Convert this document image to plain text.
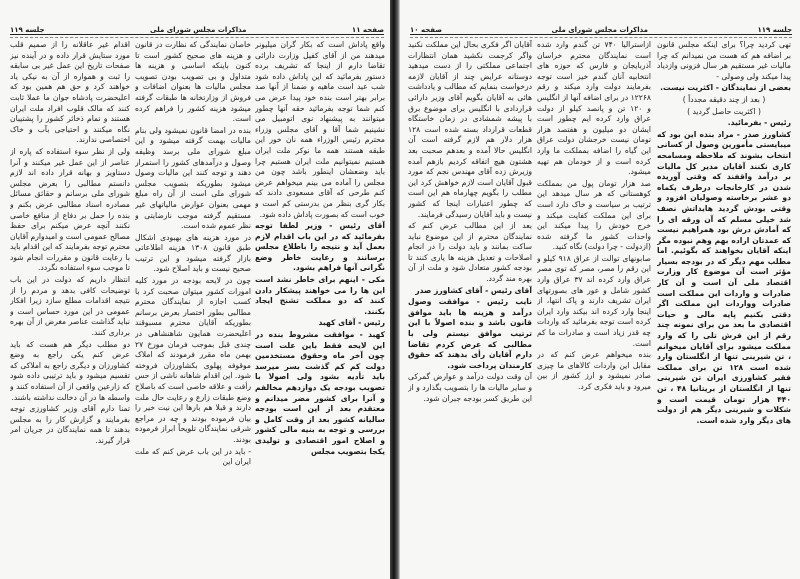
جلسه ۱۱۹	مذاکرات مجلس شورای ملی	صفحه ۱۱

اقدام غیر عاقلانه را از صمیم قلب مورد ستایش قرار داده و در آینده نیز صفحات تاریخ این عمل غیر بی سابقه را ثبت و همواره از آن به نیکی یاد خواهند کرد و حق هم همین بود که اعلیحضرت پادشاه جوان ما عملا ثابت کنند که مالک قلوب افراد ملت ایران هستند و تمام ذخائر کشور را پشتیبان نگاه میکنند و احتیاجی بآب و خاک اختصاصی ندارند.

ولی از نظر سوء استفاده که پاره از عناصر از این عمل غیر میکنند و آنرا دستاویز و بهانه قرار داده اند لازم دانستم مطالبی را بعرض مجلس شورای ملی برسانم و حقائق مسائل مصادره اسناد مطالبی عرض بکنم و بنده را حمل بر دفاع از منافع خاصی نکنند آنچه عرض میکنم برای حفظ مصالح عمومی است و امیدوارم آقایان محترم توجه بفرمایند که این اقدام باید با رعایت قانون و مقررات انجام شود تا موجب سوء استفاده نگردد.

انتظار داریم که دولت در این باب توضیحات کافی بدهد و مردم را از نتیجه اقدامات مطلع سازد زیرا افکار عمومی در این مورد حساس است و نباید گذاشت عناصر مغرض از آن بهره برداری کنند.

دو مطلب دیگر هم هست که باید عرض کنم یکی راجع به وضع کشاورزان و دیگری راجع به املاکی که تقسیم میشود و باید ترتیبی داده شود که زارعین واقعی از آن استفاده کنند و واسطه ها در آن دخالت نداشته باشند.

تمنا دارم آقای وزیر کشاورزی توجه بفرمایند و گزارش کار را به مجلس بدهند تا همه نمایندگان در جریان امر قرار گیرند.

خاصان نمایندگی که نظارت در قانون و هزینه های صحیح کشور است تا کنون باینکه اساسی و هزینه ها متداول و بی تصویب بودن تصویب مجلس مالیات ها بعنوان اضافات و فروش از وزارتخانه ها طبقات گرفته میشود هزینه کشور را فراهم کرده است.

بنده در امضا قانون نمیشود ولی بنام مالیات بهمت گرفته میشود و این مبلغ شورای ملی برسد وظیفه وصول و درآمدهای کشور را استمرار دهند و توجه کنند این مالیات وصول میشود بطوریکه بتصویب مجلس شورای ملی است از آن راه مبلغ مهمی بعنوان عوارض مالیاتهای غیر مستقیم گرفته موجب نارضایتی و نظر عموم شده است.

در مورد هزینه های بهبودی اشکال طبق قانون ۱۳۰۸ هزینه اطلاعاتی بازار گرفته میشود و این ترتیب صحیح نیست و باید اصلاح شود.

چون در لایحه بودجه در مورد کلیه امورات کشور میتوان صحبت کرد با کسب اجازه از نمایندگان محترم مطالبی بطور اختصار بعرض برسانم بطوریکه آقایان محترم مسبوقند اعلیحضرت همایون شاهنشاهی در چندی قبل بموجب فرمان مورخ ۲۷ بهمن ماه مقرر فرمودند که املاک موقوفه پهلوی بکشاورزان فروخته شود. این اقدام شاهانه ناشی از حس رأفت و علاقه خاصی است که باصلاح وضع طبقات زارع و رعایت حال ملت دارند و قبلا هم بارها این نیت خیر را بیان فرموده بودند و چه در مراجع شرقی نمایندگان تلویحاً ابراز فرموده بودند.

- باید در این باب عرض کنم که ملت ایران این

واقع پاداش است که بکار گران میلیونر میدهند من از آقای کفیل وزارت دارائی تقاضا دارم از اینجا که تشریف برده دستور بفرمائید که این پاداش داده شود شب عید است ماهیه و ضمنا از آنها صد برابر بهتر است بنده خود پیدا عرض می کنم شما توجه بفرمائید حقه آنها چطور میتوانند به پیشنهاد نوی اتومبیل می نشینیم شما آقا و آقای مجلس وزراء محترم رئیس الوزراء همه نان خور این طبقه هستند همه ما نوکر ملت ایران هستیم نمیتوانیم ملت ایران هستیم چرا باید وضعشان اینطور باشد چون من مجلس را آماده می بینم میخواهم عرض کنم طرحی که آقای مسعودی دادند که بکار گری بنظر من بدرستی کم است و خوب است که بصورت پاداش داده شود.

آقای رئیس - وزیر لطفا توجه بفرمائید که در این باب اقدام لازم بعمل آید و نتیجه را باطلاع مجلس برسانند و رعایت خاطر وضع نگرانی آنها فراهم بشود.

مکی - اینهم برای خاطر نشد است این ها را می خواهند پیشکار دادن کنند که دو مملکت تشنج ایجاد بکنند.

رئیس - آقای کهبد

کهبد - موافقت مشروط بنده در این لایحه فقط باین علت است چون آخر ماه وحقوق مستخدمین دولت کم کم گذشت بسر میرسد باید تأدیه بشود ولی اصولا با تصویب بودجه یک دوازدهم مخالفم و آنرا برای کشور مضر میدانم و معتقدم بعد از این است بودجه سالیانه کشور بعد از وقت کامل و بررسی و توجه به بنیه مالی کشور و اصلاح امور اقتصادی و تولیدی یکجا بتصویب مجلس

صفحه ۱۰	مذاکرات مجلس شورای ملی	جلسه ۱۱۹

آقایان اگر فکری بحال این مملکت نکنید واگر کرجمت نکشید همان انتظارات اجتماعی مملکتی را از دست میدهید دوستانه عرایض چند از آقایان لازمه درخواست بنمایم که مطالب و یادداشت هائی به آقایان بگویم آقای وزیر دارائی قراردادی با انگلیس برای موضوع برق با پیشه شمشادی در زمان خاستگاه قطعات قرارداد بسته شده است ۱۲۸ هزار دلار هم لازم گرفته است آن انگلیس حالا آمده و بعدهم صحبت بعد هشتون هیچ اتفاقه کردیم بازهم آمده وزیرش زده آقای مهندس نجم که مورد قبول آقایان است لازم خواهش کرد این مطلب را بگویم چهارماه هم این است که چطور اعتبارات اینجا که کشور نیست و باید آقایان رسیدگی فرمایند.

بعد از این مطالب عرض کنم که نمایندگان محترم از این موضوع نباید ساکت بمانند و باید دولت را در انجام اصلاحات و تعدیل هزینه ها یاری کنند تا بودجه کشور متعادل شود و ملت از آن بهره مند گردد.

آقای رئیس - آقای کشاورز صدر

نایب رئیس - موافقت وصول درآمد و هزینه ها باید موافق قانون باشد و بنده اصولاً با این ترتیب موافق نیستم ولی با مطالبی که عرض کردم تقاضا دارم آقایان رأی بدهند که حقوق کارمندان پرداخت شود.

آن وقت دولت درآمد و عوارض گمرکی و سایر مالیات ها را بتصویب بگذارد و از این طریق کسر بودجه جبران شود.

ازاسترالیا ۷۴۰ تن گندم وارد شده است نمایندگان محترم خراسان آذربایجان و فارس که حوزه های انتخابیه آنان گندم خیز است توجه بفرمایند دولت وارد میکند و رقم ۱۲۲۶۸ در برای اضافه آنها از انگلیس و ۱۲۰ تن و پانصد کیلو از دولت عراق وارد کرده ایم چطور است ایشان دو میلیون و هفتصد هزار تومان نیست خرجشان دولت عراق این گیاه را اضافه بمملکت ما وارد کرده است و از خودمان هم تهیه میشود.

صد هزار تومان پول من بمملکت کوهستانی که هر سال میدهد این ترتیب بر سیاست و خاک دارد است برای این مملکت کفایت میکند و خرج خودش را پیدا میکند این واحدات کشور ما گرفته شده (ازدولت - چرا دولت) نگاه کنید.

صابونهای توالت از عراق ۹۱۸ کیلو و این رقم را مصر، مصر که توی مصر عراق وارد کرده اند ۳۷ عراق وارد کشور شامل و عور های بصورتهای ایران تشریف دارند و پاک انتها، از اینجا وارد کرده اند بیکند وارد ایران کرده است توجه بفرمائید که واردات چه قدر زیاد است و صادرات ما کم است.

بنده میخواهم عرض کنم که در مقابل این واردات کالاهای ما چیزی صادر نمیشود و ارز کشور از بین میرود و باید فکری کرد.

تهی کردید چرا؟ برای اینکه مجلس قانون بر اضافه هم که هست من نمیدانم که چرا مالیات غیر مستقیم هر سال فزونی وازدیاد پیدا میکند ولی وصولی -

بعضی از نمایندگان - اکثریت نیست.

( بعد از چند دقیقه مجدداً )

( اکثریت حاصل گردید )

رئیس - بفرمائید.

کشاورز صدر - مراد بنده این بود که میبایستی مأمورین وصول از کسانی انتخاب بشوند که ملاحظه ومسامحه کاری نکنند آقایان مدیر کل مالیات بر درآمد واقفند که وقتی آوریده شدن در کارخانجات درطرف یکماه دو عشر برخاسته وصولیان افزود و وقتی بودش گردید هایداتش نصف شد خیلی مسلم که آن ورقه ای را که آمادش درش بود همراهیم نیست که عمدتان اراده بهم وهم نبوده مگر اینکه آقایان بخواهند که بگوئیم. اما مطلب مهم دیگر که در بودجه بسیار مؤثر است آن موضوع کار وزارت اقتصاد ملی آن است و آن کار صادرات و واردات این مملکت است صادرات وواردات این مملکت اگر دقتی بکنیم پایه مالی و حیات اقتصادی ما بعد من برای نمونه چند رقم از این فرش تلی را که وارد مملکت میشود برای آقایان میخوانم ، تن شیرینی تنها از انگلستان وارد شده است ۱۲۸ تن برای مملکت فقیر کشاورزی ایران تن شیرینی تنها از انگلستان از بریتانیا ۴۸ ، تن ۴۴۰ هزار تومان قیمت است و شکلات و شیرینی دیگر هم از دولت های دیگر وارد شده است.
